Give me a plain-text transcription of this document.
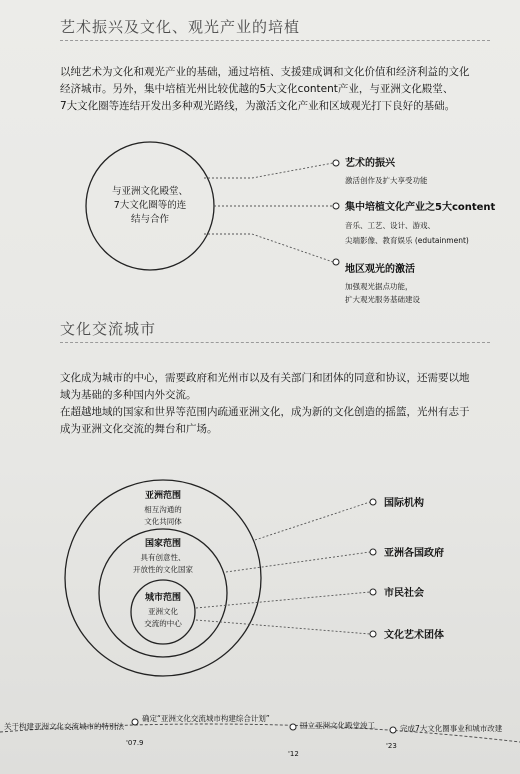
艺术振兴及文化、观光产业的培植

以纯艺术为文化和观光产业的基础，通过培植、支援建成调和文化价值和经济利益的文化

经济城市。另外，集中培植光州比较优越的5大文化content产业，与亚洲文化殿堂、

7大文化圈等连结开发出多种观光路线，为激活文化产业和区域观光打下良好的基础。

文化交流城市

文化成为城市的中心，需要政府和光州市以及有关部门和团体的同意和协议，还需要以地

域为基础的多种国内外交流。

在超越地域的国家和世界等范围内疏通亚洲文化，成为新的文化创造的摇篮，光州有志于

成为亚洲文化交流的舞台和广场。

与亚洲文化殿堂、
7大文化圈等的连
结与合作
艺术的振兴
激活创作及扩大享受功能
集中培植文化产业之5大content
音乐、工艺、设计、游戏、
尖端影像、教育娱乐 (edutainment)
地区观光的激活
加强观光据点功能，
扩大观光服务基础建设
亚洲范围
相互沟通的
文化共同体
国家范围
具有创意性、
开放性的文化国家
城市范围
亚洲文化
交流的中心
国际机构
亚洲各国政府
市民社会
文化艺术团体
关于构建亚洲文化交流城市的特别法
确定“亚洲文化交流城市构建综合计划”
国立亚洲文化殿堂竣工	完成7大文化圈事业和城市改建
'07.9
'12
'23
